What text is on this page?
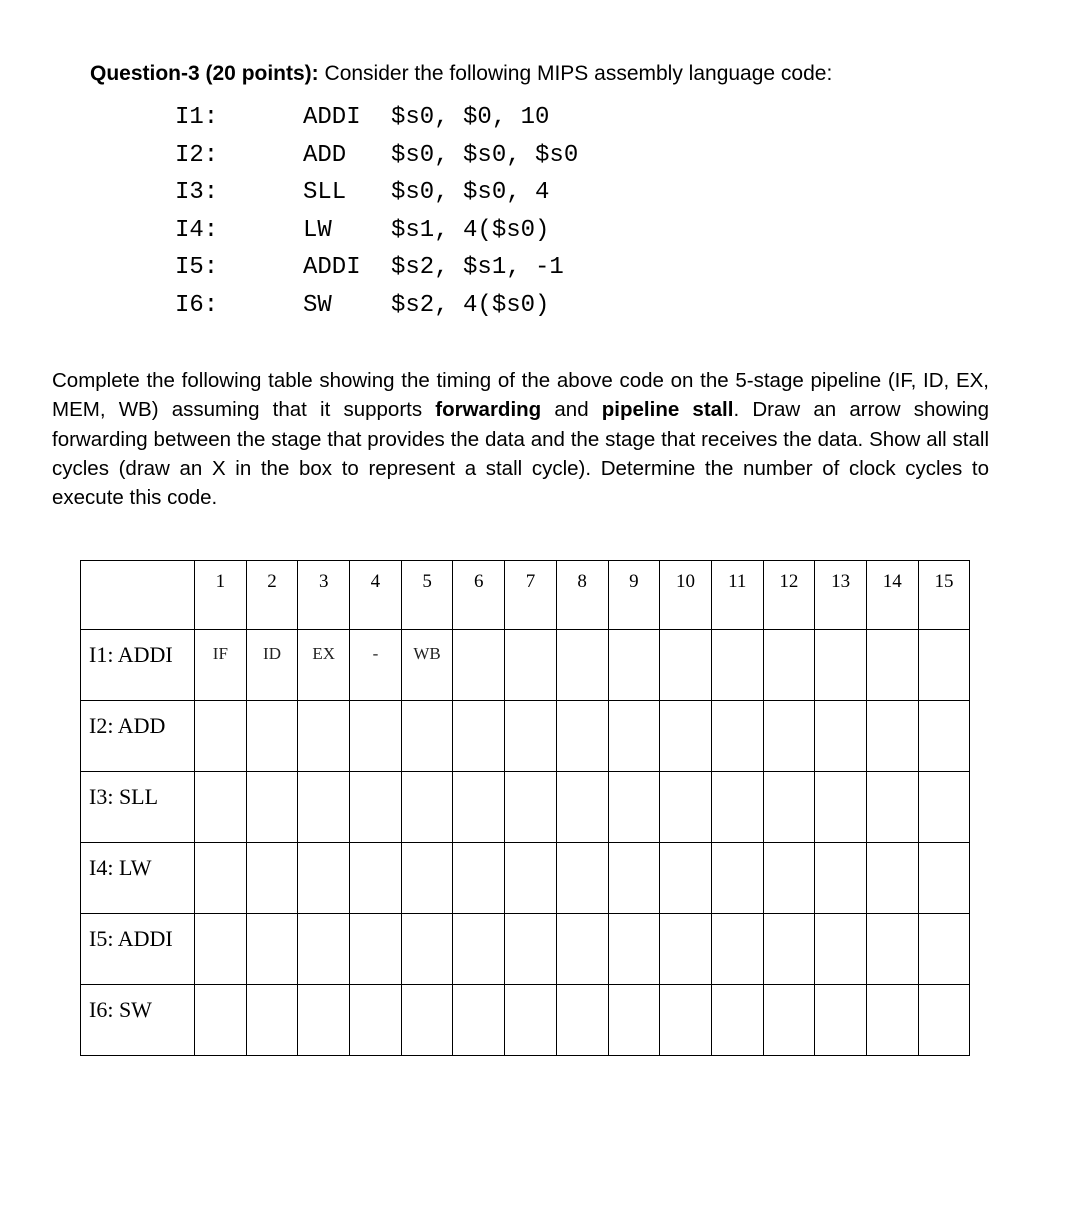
Question-3 (20 points): Consider the following MIPS assembly language code:
I1:	ADDI	$s0, $0, 10
I2:	ADD	$s0, $s0, $s0
I3:	SLL	$s0, $s0, 4
I4:	LW	$s1, 4($s0)
I5:	ADDI	$s2, $s1, -1
I6:	SW	$s2, 4($s0)
Complete the following table showing the timing of the above code on the 5-stage pipeline (IF, ID, EX, MEM, WB) assuming that it supports forwarding and pipeline stall. Draw an arrow showing forwarding between the stage that provides the data and the stage that receives the data. Show all stall cycles (draw an X in the box to represent a stall cycle). Determine the number of clock cycles to execute this code.
	1	2	3	4	5	6	7	8	9	10	11	12	13	14	15
I1: ADDI	IF	ID	EX	-	WB										
I2: ADD															
I3: SLL															
I4: LW															
I5: ADDI															
I6: SW															
